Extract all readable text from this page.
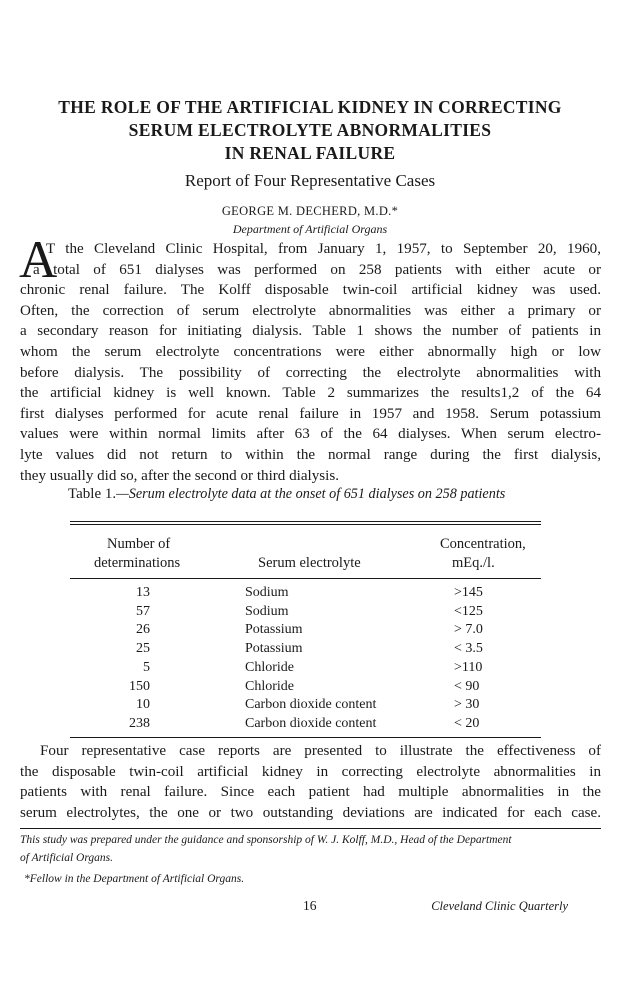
THE ROLE OF THE ARTIFICIAL KIDNEY IN CORRECTING
SERUM ELECTROLYTE ABNORMALITIES
IN RENAL FAILURE
Report of Four Representative Cases
GEORGE M. DECHERD, M.D.*
Department of Artificial Organs
A
T the Cleveland Clinic Hospital, from January 1, 1957, to September 20, 1960,
a total of 651 dialyses was performed on 258 patients with either acute or
chronic renal failure. The Kolff disposable twin-coil artificial kidney was used.
Often, the correction of serum electrolyte abnormalities was either a primary or
a secondary reason for initiating dialysis. Table 1 shows the number of patients in
whom the serum electrolyte concentrations were either abnormally high or low
before dialysis. The possibility of correcting the electrolyte abnormalities with
the artificial kidney is well known. Table 2 summarizes the results1,2 of the 64
first dialyses performed for acute renal failure in 1957 and 1958. Serum potassium
values were within normal limits after 63 of the 64 dialyses. When serum electro-
lyte values did not return to within the normal range during the first dialysis,
they usually did so, after the second or third dialysis.
Table 1.—Serum electrolyte data at the onset of 651 dialyses on 258 patients
Number of
determinations	Serum electrolyte
Concentration,
mEq./l.
13	Sodium	>145
57	Sodium	<125
26	Potassium	> 7.0
25	Potassium	< 3.5
5	Chloride	>110
150	Chloride	< 90
10	Carbon dioxide content	> 30
238	Carbon dioxide content	< 20
Four representative case reports are presented to illustrate the effectiveness of
the disposable twin-coil artificial kidney in correcting electrolyte abnormalities in
patients with renal failure. Since each patient had multiple abnormalities in the
serum electrolytes, the one or two outstanding deviations are indicated for each case.
This study was prepared under the guidance and sponsorship of W. J. Kolff, M.D., Head of the Department
of Artificial Organs.
*Fellow in the Department of Artificial Organs.
16	Cleveland Clinic Quarterly
